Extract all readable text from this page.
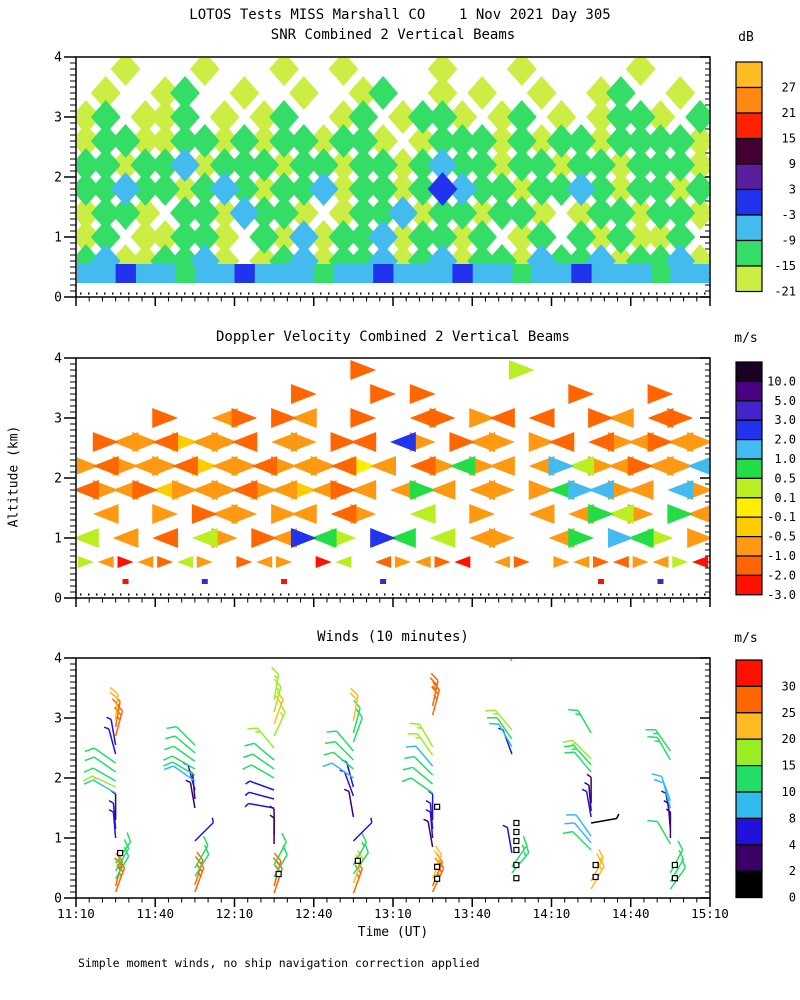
0
1
2
3
4
0
1
2
3
4
0
1
2
3
4
11:10	11:40	12:10	12:40	13:10	13:40	14:10	14:40	15:10
27
21
15
9
3
-3
-9
-15
-21
10.0
5.0
3.0
2.0
1.0
0.5
0.1
-0.1
-0.5
-1.0
-2.0
-3.0
30
25
20
15
10
8
4
2
0
LOTOS Tests MISS Marshall CO    1 Nov 2021 Day 305
SNR Combined 2 Vertical Beams
Doppler Velocity Combined 2 Vertical Beams
Winds (10 minutes)
dB
m/s
m/s
Time (UT)
Altitude (km)
Simple moment winds, no ship navigation correction applied
